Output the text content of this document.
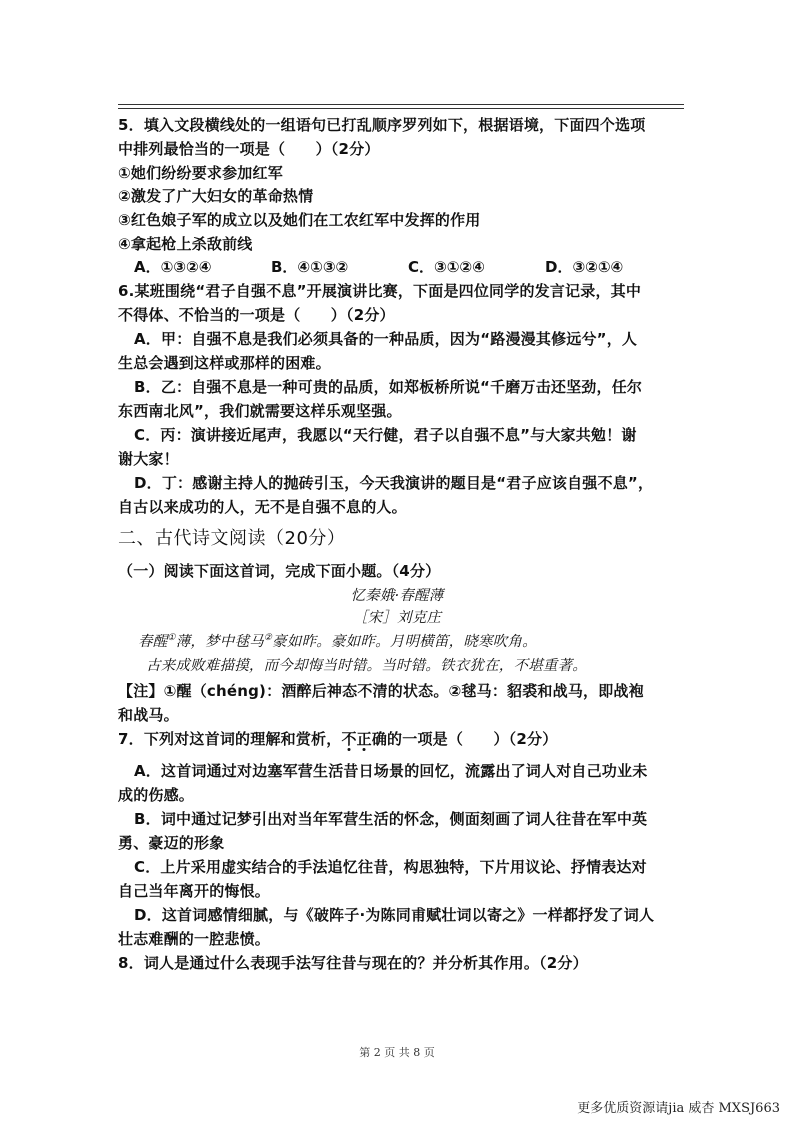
5．填入文段横线处的一组语句已打乱顺序罗列如下，根据语境，下面四个选项
中排列最恰当的一项是（　　）（2分）
①她们纷纷要求参加红军
②激发了广大妇女的革命热情
③红色娘子军的成立以及她们在工农红军中发挥的作用
④拿起枪上杀敌前线
A．①③②④	B．④①③②	C．③①②④	D．③②①④
6.某班围绕“君子自强不息”开展演讲比赛，下面是四位同学的发言记录，其中
不得体、不恰当的一项是（　　）（2分）
A．甲：自强不息是我们必须具备的一种品质，因为“路漫漫其修远兮”，人
生总会遇到这样或那样的困难。
B．乙：自强不息是一种可贵的品质，如郑板桥所说“千磨万击还坚劲，任尔
东西南北风”，我们就需要这样乐观坚强。
C．丙：演讲接近尾声，我愿以“天行健，君子以自强不息”与大家共勉！谢
谢大家！
D．丁：感谢主持人的抛砖引玉，今天我演讲的题目是“君子应该自强不息”，
自古以来成功的人，无不是自强不息的人。
二、古代诗文阅读（20分）
（一）阅读下面这首词，完成下面小题。（4分）
忆秦娥·春醒薄
［宋］刘克庄
春醒①薄，梦中毬马②豪如昨。豪如昨。月明横笛，晓寒吹角。
古来成败难描摸，而今却悔当时错。当时错。铁衣犹在，不堪重著。
【注】①醒（chéng)：酒醉后神态不清的状态。②毬马：貂裘和战马，即战袍
和战马。
7．下列对这首词的理解和赏析，不正确的一项是（　　）（2分）
A．这首词通过对边塞军营生活昔日场景的回忆，流露出了词人对自己功业未
成的伤感。
B．词中通过记梦引出对当年军营生活的怀念，侧面刻画了词人往昔在军中英
勇、豪迈的形象
C．上片采用虚实结合的手法追忆往昔，构思独特，下片用议论、抒情表达对
自己当年离开的悔恨。
D．这首词感情细腻，与《破阵子·为陈同甫赋壮词以寄之》一样都抒发了词人
壮志难酬的一腔悲愤。
8．词人是通过什么表现手法写往昔与现在的？并分析其作用。（2分）
第 2 页 共 8 页
更多优质资源请jia 威杏 MXSJ663
